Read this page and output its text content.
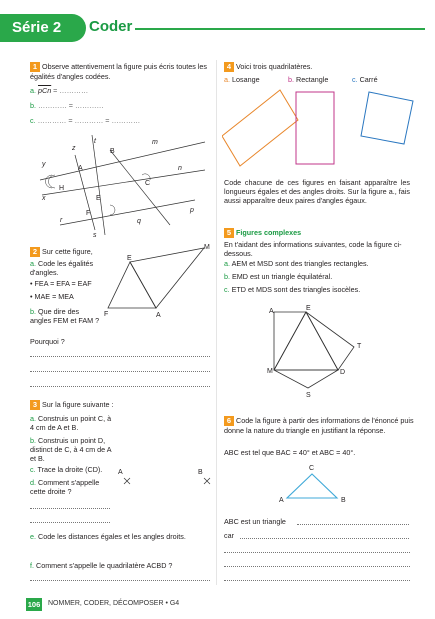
Série 2	Coder
1 Observe attentivement la figure puis écris toutes les égalités d'angles codées.
a. $\overline{pCn}$ = …………
b. ………… = …………
c. ………… = ………… = …………
t	m
z
n
y
x
p
r	q
s
B
A
C
H
E
F
2 Sur cette figure,
a. Code les égalités d'angles.
• FEA = EFA = EAF
• MAE = MEA
b. Que dire des angles FEM et FAM ?
Pourquoi ?
E
M
F	A
3 Sur la figure suivante :
a. Construis un point C, à 4 cm de A et B.
b. Construis un point D, distinct de C, à 4 cm de A et B.
c. Trace la droite (CD).
d. Comment s'appelle cette droite ?
A	B
e. Code les distances égales et les angles droits.
f. Comment s'appelle le quadrilatère ACBD ?
4 Voici trois quadrilatères.
a. Losange	b. Rectangle	c. Carré
Code chacune de ces figures en faisant apparaître les longueurs égales et des angles droits. Sur la figure a., fais aussi apparaître deux paires d'angles égaux.
5 Figures complexes
En t'aidant des informations suivantes, code la figure ci-dessous.
a. AEM et MSD sont des triangles rectangles.
b. EMD est un triangle équilatéral.
c. ETD et MDS sont des triangles isocèles.
A	E
T
M	D
S
6 Code la figure à partir des informations de l'énoncé puis donne la nature du triangle en justifiant la réponse.
ABC est tel que BAC = 40° et ABC = 40°.
A	B
C
ABC est un triangle
car
106 NOMMER, CODER, DÉCOMPOSER • G4
